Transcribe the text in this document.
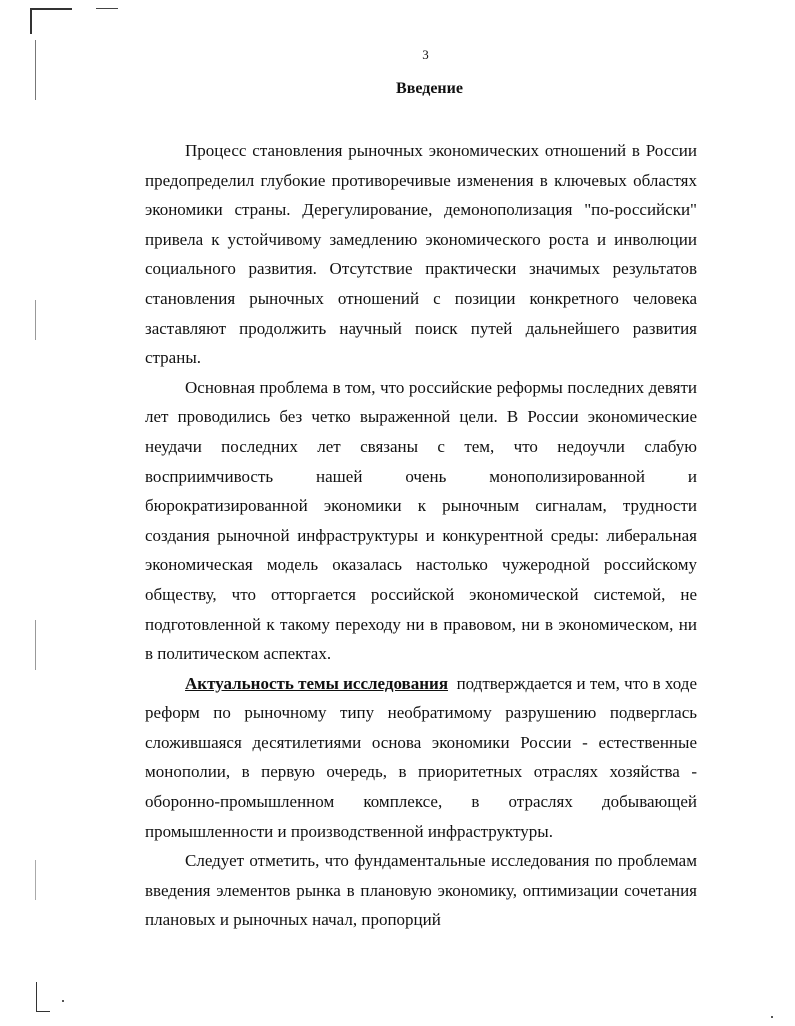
3
Введение

Процесс становления рыночных экономических отношений в России предопределил глубокие противоречивые изменения в ключевых областях экономики страны. Дерегулирование, демонополизация "по-российски" привела к устойчивому замедлению экономического роста и инволюции социального развития. Отсутствие практически значимых результатов становления рыночных отношений с позиции конкретного человека заставляют продолжить научный поиск путей дальнейшего развития страны.

Основная проблема в том, что российские реформы последних девяти лет проводились без четко выраженной цели. В России экономические неудачи последних лет связаны с тем, что недоучли слабую восприимчивость нашей очень монополизированной и бюрократизированной экономики к рыночным сигналам, трудности создания рыночной инфраструктуры и конкурентной среды: либеральная экономическая модель оказалась настолько чужеродной российскому обществу, что отторгается российской экономической системой, не подготовленной к такому переходу ни в правовом, ни в экономическом, ни в политическом аспектах.

Актуальность темы исследования подтверждается и тем, что в ходе реформ по рыночному типу необратимому разрушению подверглась сложившаяся десятилетиями основа экономики России - естественные монополии, в первую очередь, в приоритетных отраслях хозяйства - оборонно-промышленном комплексе, в отраслях добывающей промышленности и производственной инфраструктуры.

Следует отметить, что фундаментальные исследования по проблемам введения элементов рынка в плановую экономику, оптимизации сочетания плановых и рыночных начал, пропорций
